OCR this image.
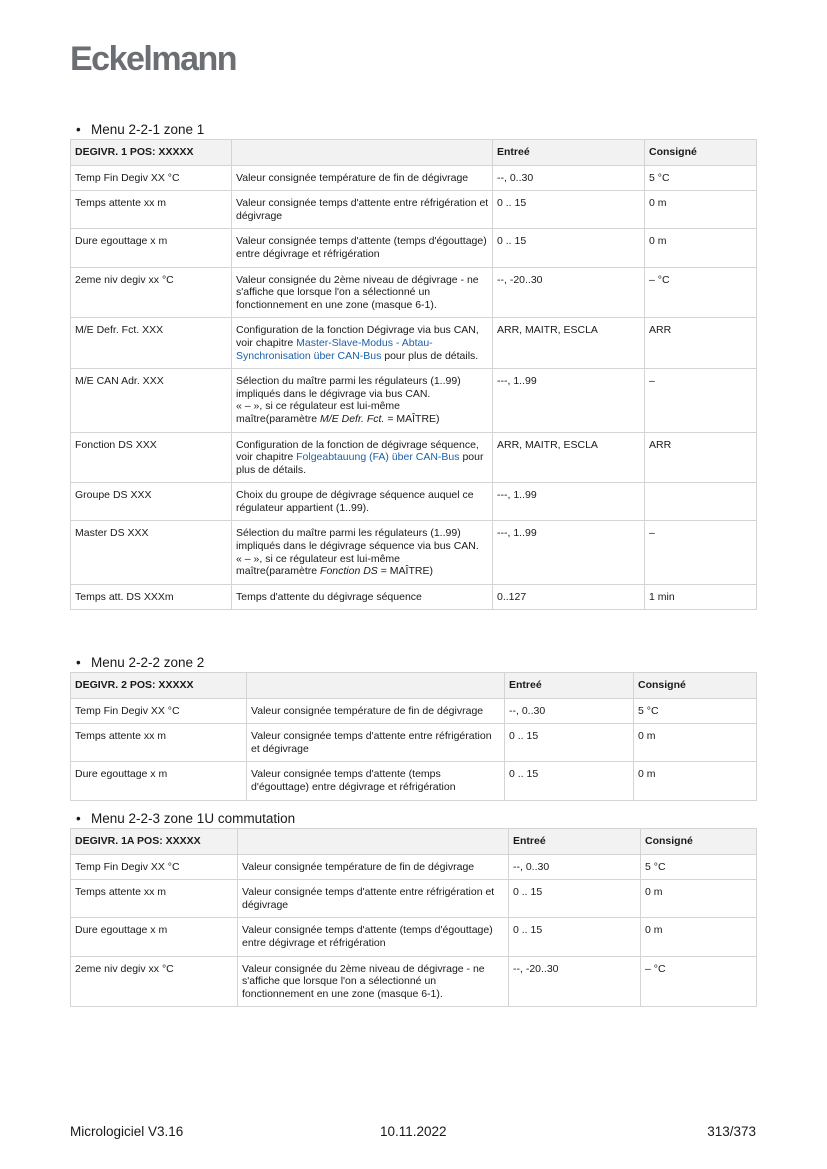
Eckelmann
• Menu 2-2-1 zone 1
DEGIVR. 1 POS: XXXXX		Entreé	Consigné
Temp Fin Degiv XX °C	Valeur consignée température de fin de dégivrage	--, 0..30	5 °C
Temps attente xx m	Valeur consignée temps d'attente entre réfrigération et dégivrage	0 .. 15	0 m
Dure egouttage x m	Valeur consignée temps d'attente (temps d'égouttage) entre dégivrage et réfrigération	0 .. 15	0 m
2eme niv degiv xx °C	Valeur consignée du 2ème niveau de dégivrage - ne s'affiche que lorsque l'on a sélectionné un fonctionnement en une zone (masque 6-1).	--, -20..30	– °C
M/E Defr. Fct. XXX	Configuration de la fonction Dégivrage via bus CAN, voir chapitre Master-Slave-Modus - Abtau-Synchronisation über CAN-Bus pour plus de détails.	ARR, MAITR, ESCLA	ARR
M/E CAN Adr. XXX	Sélection du maître parmi les régulateurs (1..99) impliqués dans le dégivrage via bus CAN.
« – », si ce régulateur est lui-même
maître(paramètre M/E Defr. Fct. = MAÎTRE)	---, 1..99	–
Fonction DS XXX	Configuration de la fonction de dégivrage séquence, voir chapitre Folgeabtauung (FA) über CAN-Bus pour plus de détails.	ARR, MAITR, ESCLA	ARR
Groupe DS XXX	Choix du groupe de dégivrage séquence auquel ce régulateur appartient (1..99).	---, 1..99	
Master DS XXX	Sélection du maître parmi les régulateurs (1..99) impliqués dans le dégivrage séquence via bus CAN.
« – », si ce régulateur est lui-même
maître(paramètre Fonction DS = MAÎTRE)	---, 1..99	–
Temps att. DS XXXm	Temps d'attente du dégivrage séquence	0..127	1 min
• Menu 2-2-2 zone 2
DEGIVR. 2 POS: XXXXX		Entreé	Consigné
Temp Fin Degiv XX °C	Valeur consignée température de fin de dégivrage	--, 0..30	5 °C
Temps attente xx m	Valeur consignée temps d'attente entre réfrigération et dégivrage	0 .. 15	0 m
Dure egouttage x m	Valeur consignée temps d'attente (temps d'égouttage) entre dégivrage et réfrigération	0 .. 15	0 m
• Menu 2-2-3 zone 1U commutation
DEGIVR. 1A POS: XXXXX		Entreé	Consigné
Temp Fin Degiv XX °C	Valeur consignée température de fin de dégivrage	--, 0..30	5 °C
Temps attente xx m	Valeur consignée temps d'attente entre réfrigération et dégivrage	0 .. 15	0 m
Dure egouttage x m	Valeur consignée temps d'attente (temps d'égouttage) entre dégivrage et réfrigération	0 .. 15	0 m
2eme niv degiv xx °C	Valeur consignée du 2ème niveau de dégivrage - ne s'affiche que lorsque l'on a sélectionné un fonctionnement en une zone (masque 6-1).	--, -20..30	– °C
Micrologiciel V3.16	10.11.2022	313/373
